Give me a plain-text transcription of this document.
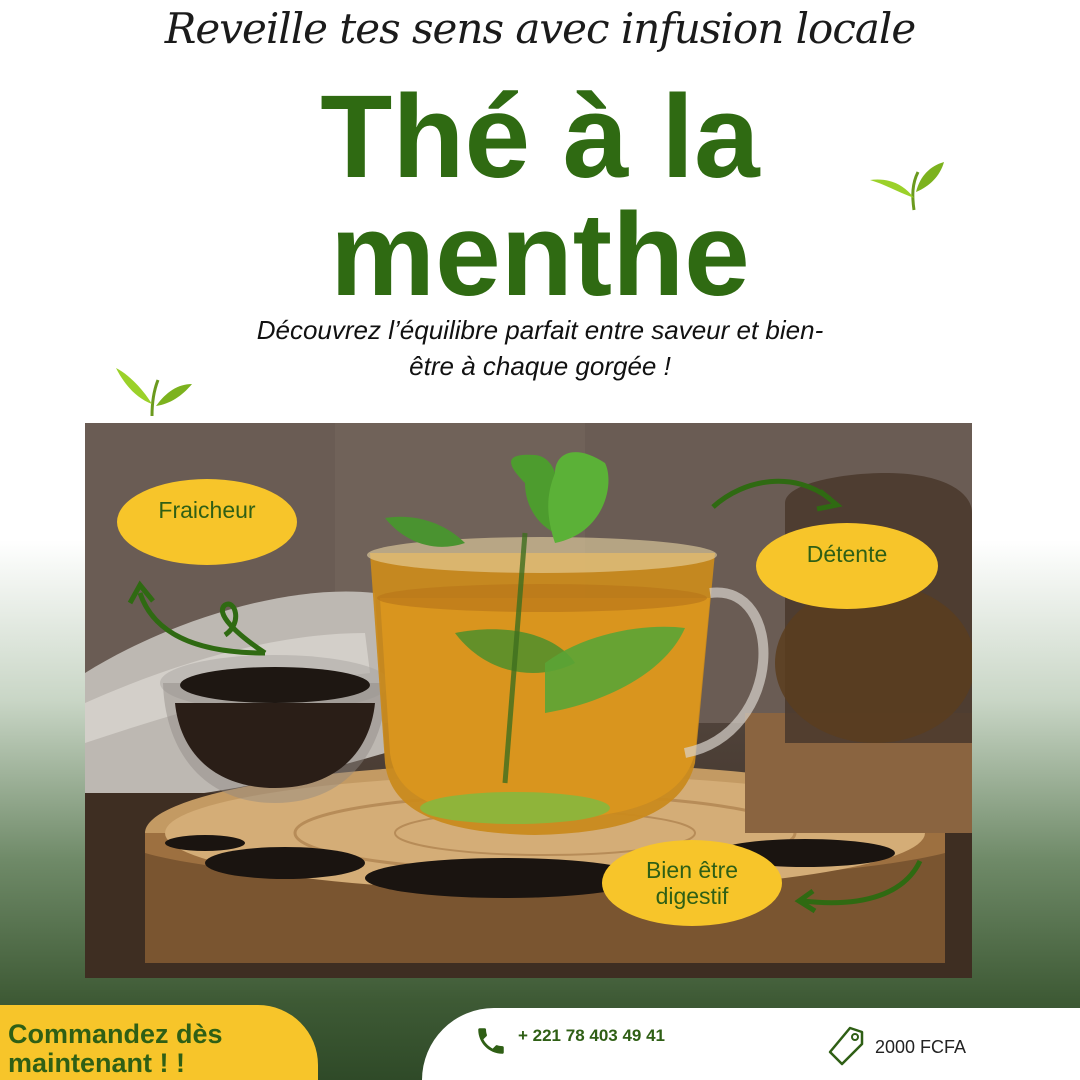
Reveille tes sens avec infusion locale
Thé à la
menthe
Découvrez l’équilibre parfait entre saveur et bien-
être à chaque gorgée !
Fraicheur
Détente
Bien être
digestif
Commandez dès
maintenant ! !
+ 221 78 403 49 41
2000 FCFA
